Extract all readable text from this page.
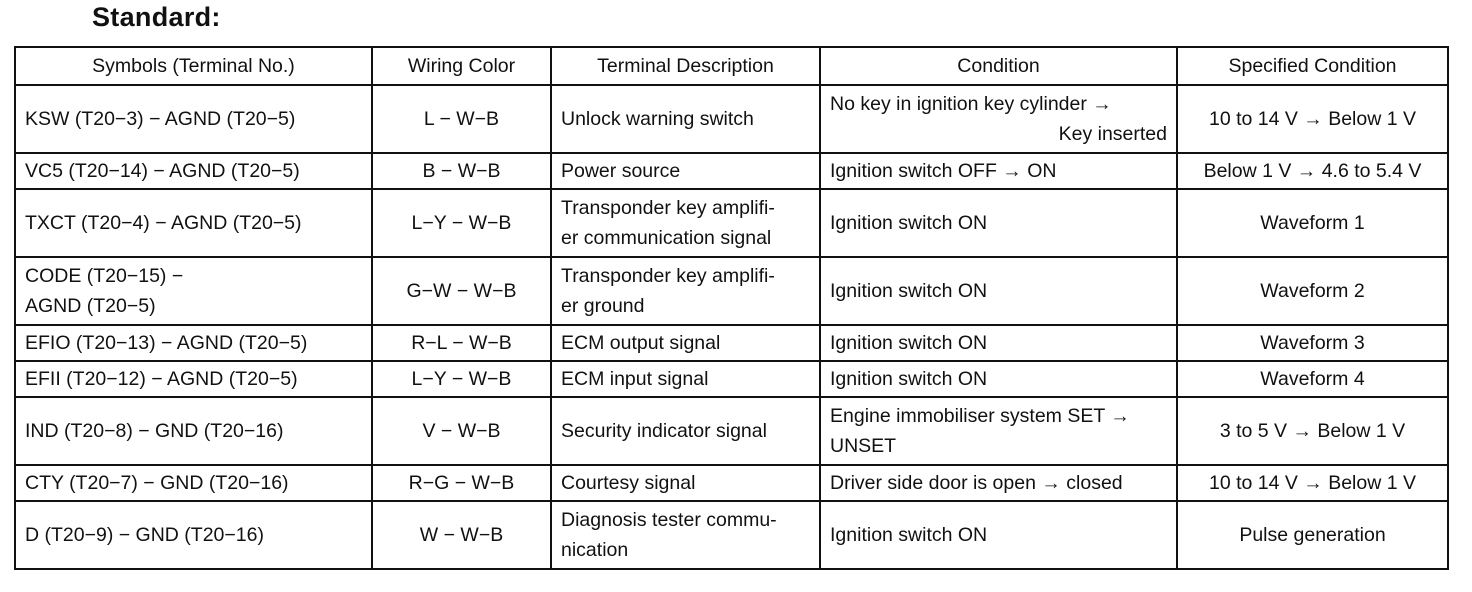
Standard:
Symbols (Terminal No.)	Wiring Color	Terminal Description	Condition	Specified Condition

KSW (T20−3) − AGND (T20−5)	L − W−B	Unlock warning switch	No key in ignition key cylinder →
Key inserted	10 to 14 V → Below 1 V

VC5 (T20−14) − AGND (T20−5)	B − W−B	Power source	Ignition switch OFF → ON	Below 1 V → 4.6 to 5.4 V

TXCT (T20−4) − AGND (T20−5)	L−Y − W−B	Transponder key amplifi-
er communication signal	Ignition switch ON	Waveform 1

CODE (T20−15) −
AGND (T20−5)	G−W − W−B	Transponder key amplifi-
er ground	Ignition switch ON	Waveform 2

EFIO (T20−13) − AGND (T20−5)	R−L − W−B	ECM output signal	Ignition switch ON	Waveform 3

EFII (T20−12) − AGND (T20−5)	L−Y − W−B	ECM input signal	Ignition switch ON	Waveform 4

IND (T20−8) − GND (T20−16)	V − W−B	Security indicator signal	Engine immobiliser system SET →
UNSET	3 to 5 V → Below 1 V

CTY (T20−7) − GND (T20−16)	R−G − W−B	Courtesy signal	Driver side door is open → closed	10 to 14 V → Below 1 V

D (T20−9) − GND (T20−16)	W − W−B	Diagnosis tester commu-
nication	Ignition switch ON	Pulse generation
